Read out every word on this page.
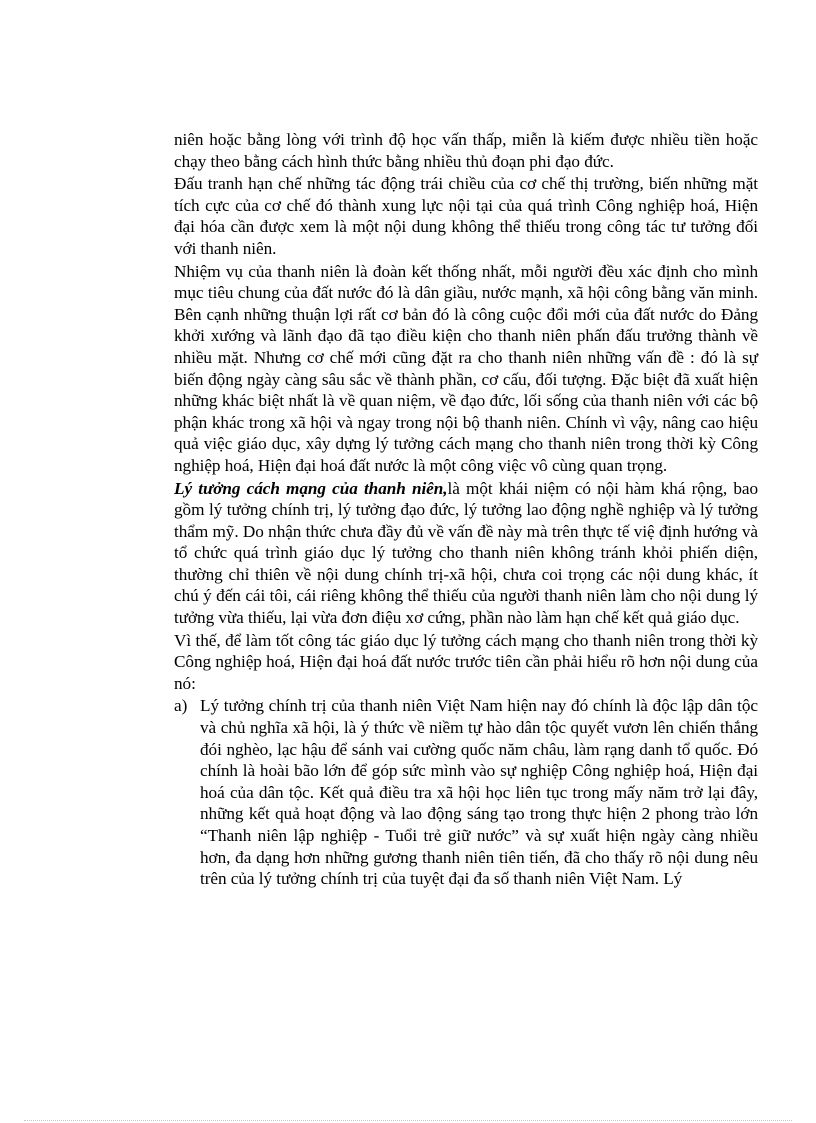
niên hoặc bằng lòng với trình độ học vấn thấp, miễn là kiếm được nhiều tiền hoặc chạy theo bằng cách hình thức bằng nhiều thủ đoạn phi đạo đức.

Đấu tranh hạn chế những tác động trái chiều của cơ chế thị trường, biến những mặt tích cực của cơ chế đó thành xung lực nội tại của quá trình Công nghiệp hoá, Hiện đại hóa cần được xem là một nội dung không thể thiếu trong công tác tư tưởng đối với thanh niên.

Nhiệm vụ của thanh niên là đoàn kết thống nhất, mỗi người đều xác định cho mình mục tiêu chung của đất nước đó là dân giầu, nước mạnh, xã hội công bằng văn minh. Bên cạnh những thuận lợi rất cơ bản đó là công cuộc đổi mới của đất nước do Đảng khởi xướng và lãnh đạo đã tạo điều kiện cho thanh niên phấn đấu trưởng thành về nhiều mặt. Nhưng cơ chế mới cũng đặt ra cho thanh niên những vấn đề : đó là sự biến động ngày càng sâu sắc về thành phần, cơ cấu, đối tượng. Đặc biệt đã xuất hiện những khác biệt nhất là về quan niệm, về đạo đức, lối sống của thanh niên với các bộ phận khác trong xã hội và ngay trong nội bộ thanh niên. Chính vì vậy, nâng cao hiệu quả việc giáo dục, xây dựng lý tưởng cách mạng cho thanh niên trong thời kỳ Công nghiệp hoá, Hiện đại hoá đất nước là một công việc vô cùng quan trọng.

Lý tưởng cách mạng của thanh niên,là một khái niệm có nội hàm khá rộng, bao gồm lý tưởng chính trị, lý tưởng đạo đức, lý tưởng lao động nghề nghiệp và lý tưởng thẩm mỹ. Do nhận thức chưa đầy đủ về vấn đề này mà trên thực tế việ định hướng và tổ chức quá trình giáo dục lý tưởng cho thanh niên không tránh khỏi phiến diện, thường chỉ thiên về nội dung chính trị-xã hội, chưa coi trọng các nội dung khác, ít chú ý đến cái tôi, cái riêng không thể thiếu của người thanh niên làm cho nội dung lý tưởng vừa thiếu, lại vừa đơn điệu xơ cứng, phần nào làm hạn chế kết quả giáo dục.

Vì thế, để làm tốt công tác giáo dục lý tưởng cách mạng cho thanh niên trong thời kỳ Công nghiệp hoá, Hiện đại hoá đất nước trước tiên cần phải hiểu rõ hơn nội dung của nó:

a) Lý tưởng chính trị của thanh niên Việt Nam hiện nay đó chính là độc lập dân tộc và chủ nghĩa xã hội, là ý thức về niềm tự hào dân tộc quyết vươn lên chiến thắng đói nghèo, lạc hậu để sánh vai cường quốc năm châu, làm rạng danh tổ quốc. Đó chính là hoài bão lớn để góp sức mình vào sự nghiệp Công nghiệp hoá, Hiện đại hoá của dân tộc. Kết quả điều tra xã hội học liên tục trong mấy năm trở lại đây, những kết quả hoạt động và lao động sáng tạo trong thực hiện 2 phong trào lớn “Thanh niên lập nghiệp - Tuổi trẻ giữ nước” và sự xuất hiện ngày càng nhiều hơn, đa dạng hơn những gương thanh niên tiên tiến, đã cho thấy rõ nội dung nêu trên của lý tưởng chính trị của tuyệt đại đa số thanh niên Việt Nam. Lý
